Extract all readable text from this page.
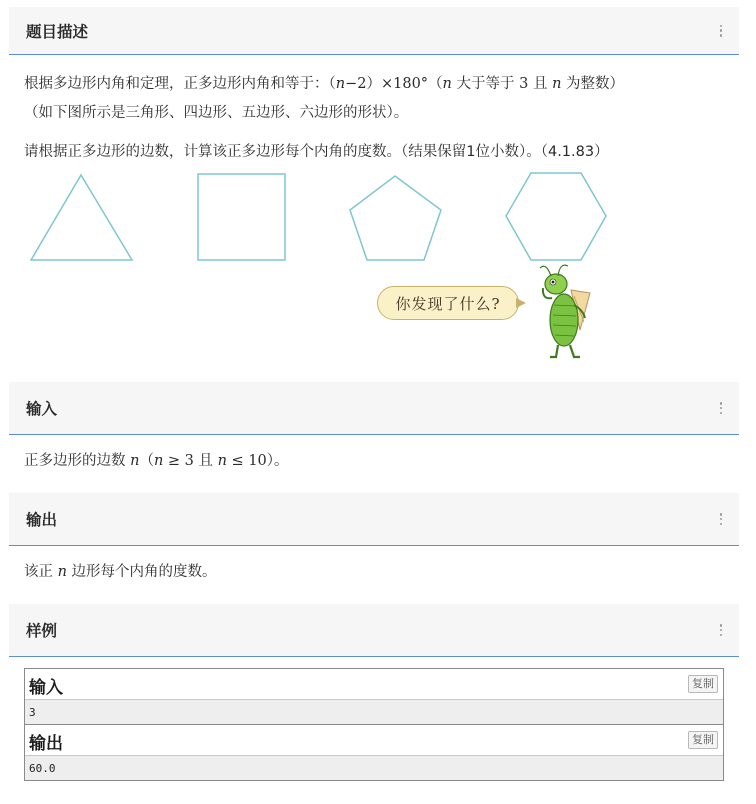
题目描述
根据多边形内角和定理，正多边形内角和等于：（n−2）×180°（n 大于等于 3 且 n 为整数）
（如下图所示是三角形、四边形、五边形、六边形的形状）。
请根据正多边形的边数，计算该正多边形每个内角的度数。（结果保留1位小数）。（4.1.83）
你发现了什么?
输入
正多边形的边数 n（n ≥ 3 且 n ≤ 10）。
输出
该正 n 边形每个内角的度数。
样例
输入	复制
3
输出	复制
60.0
